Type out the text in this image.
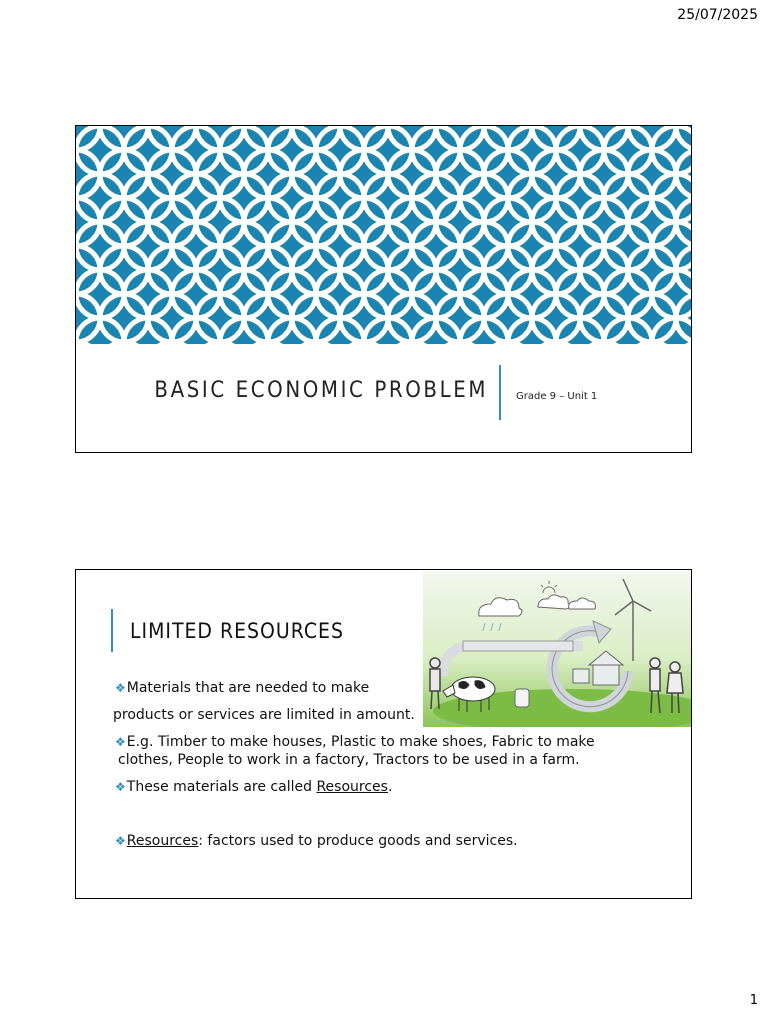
25/07/2025
BASIC ECONOMIC PROBLEM	Grade 9 – Unit 1
LIMITED RESOURCES
❖Materials that are needed to make
products or services are limited in amount.
❖E.g. Timber to make houses, Plastic to make shoes, Fabric to make
clothes, People to work in a factory, Tractors to be used in a farm.
❖These materials are called Resources.
❖Resources: factors used to produce goods and services.
1
